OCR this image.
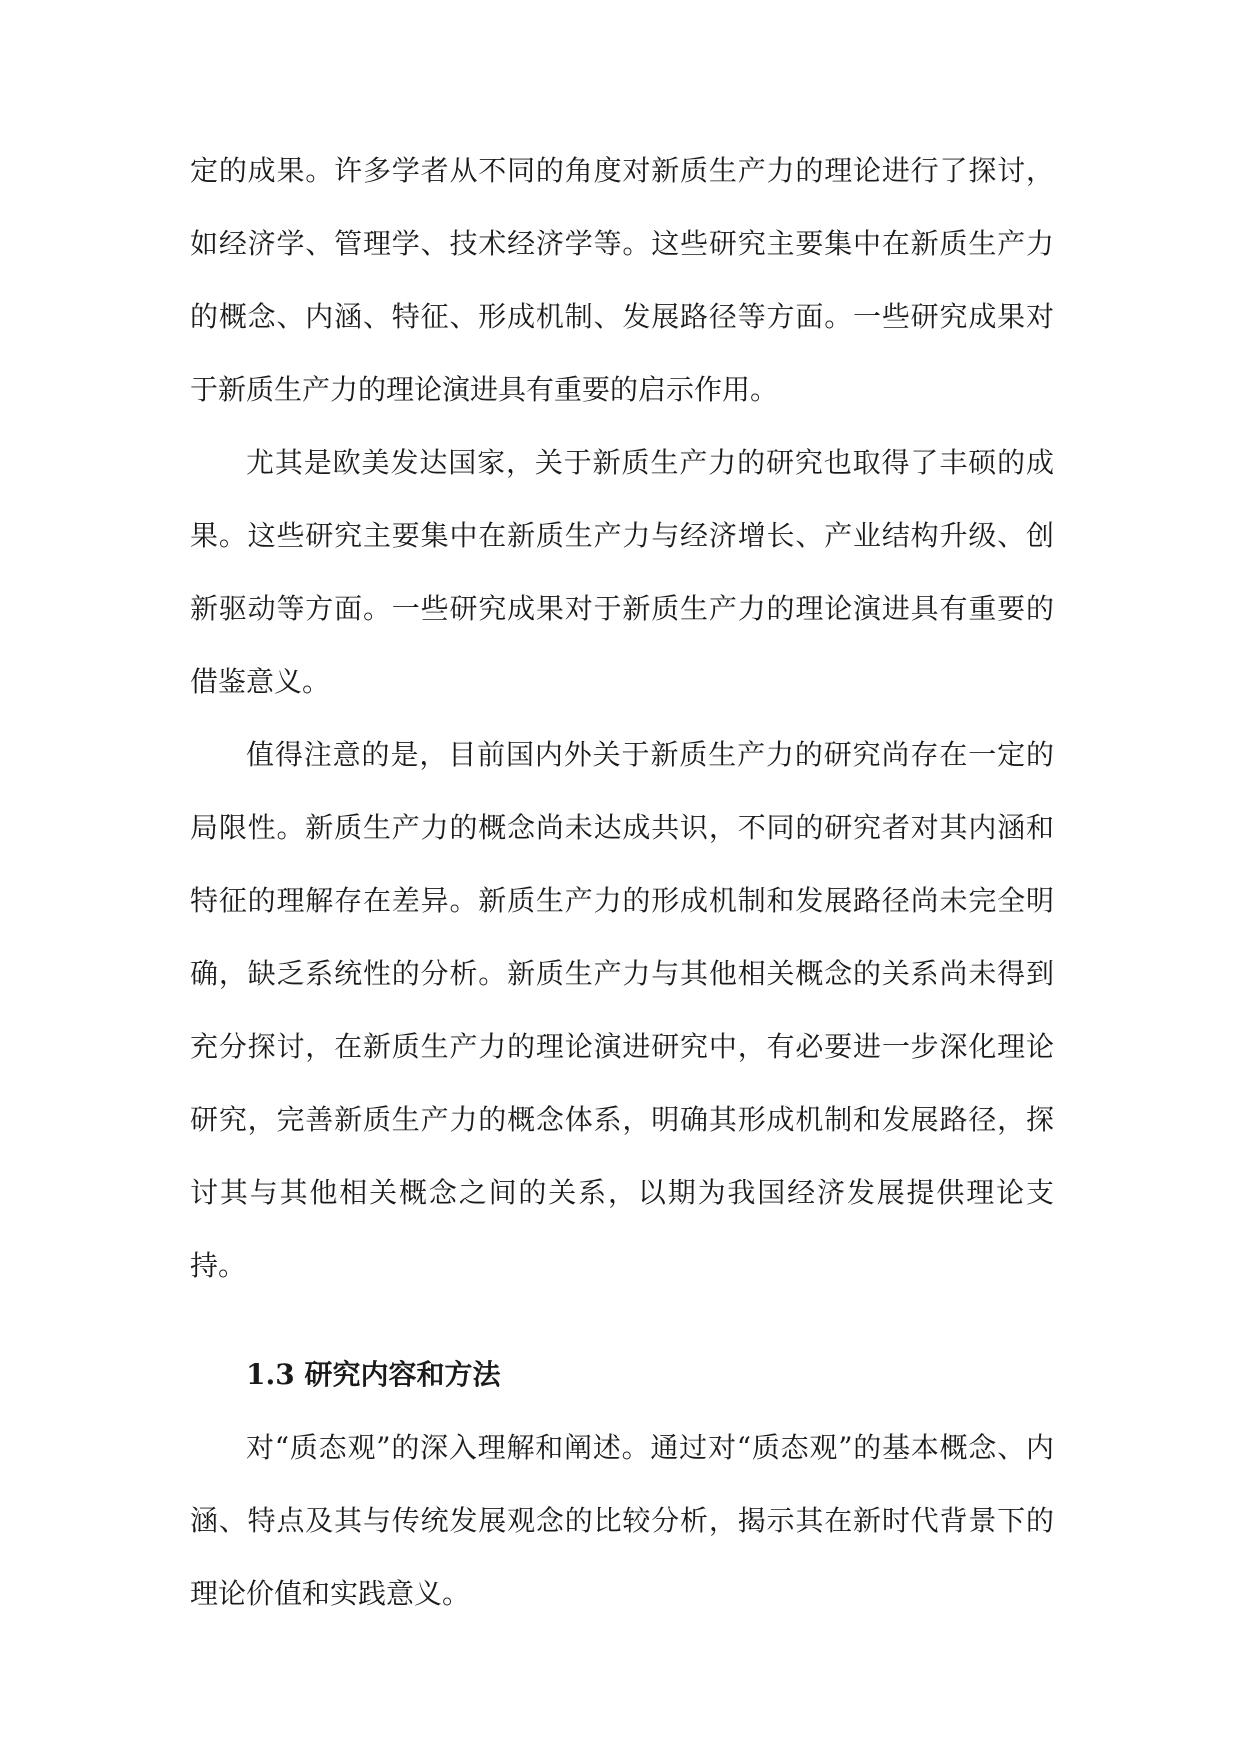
定的成果。许多学者从不同的角度对新质生产力的理论进行了探讨，如经济学、管理学、技术经济学等。这些研究主要集中在新质生产力的概念、内涵、特征、形成机制、发展路径等方面。一些研究成果对于新质生产力的理论演进具有重要的启示作用。

尤其是欧美发达国家，关于新质生产力的研究也取得了丰硕的成果。这些研究主要集中在新质生产力与经济增长、产业结构升级、创新驱动等方面。一些研究成果对于新质生产力的理论演进具有重要的借鉴意义。

值得注意的是，目前国内外关于新质生产力的研究尚存在一定的局限性。新质生产力的概念尚未达成共识，不同的研究者对其内涵和特征的理解存在差异。新质生产力的形成机制和发展路径尚未完全明确，缺乏系统性的分析。新质生产力与其他相关概念的关系尚未得到充分探讨，在新质生产力的理论演进研究中，有必要进一步深化理论研究，完善新质生产力的概念体系，明确其形成机制和发展路径，探讨其与其他相关概念之间的关系，以期为我国经济发展提供理论支持。

1.3 研究内容和方法

对“质态观”的深入理解和阐述。通过对“质态观”的基本概念、内涵、特点及其与传统发展观念的比较分析，揭示其在新时代背景下的理论价值和实践意义。
